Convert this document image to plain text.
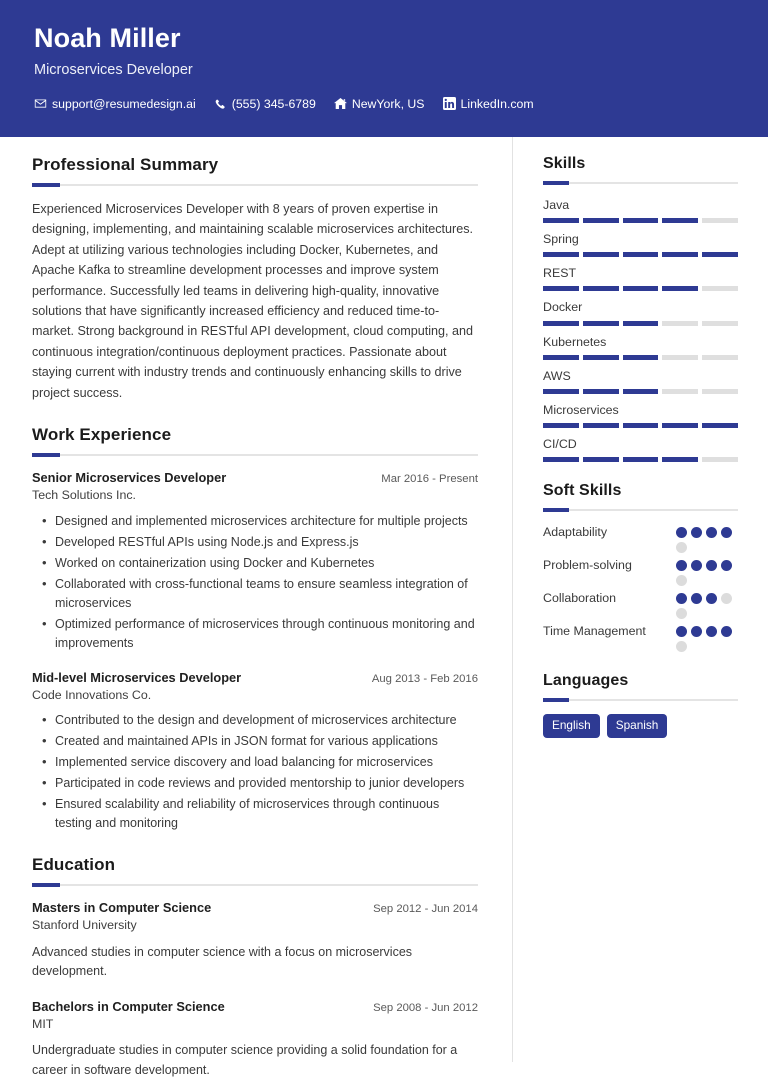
Noah Miller
Microservices Developer
support@resumedesign.ai	(555) 345-6789	NewYork, US	LinkedIn.com
Professional Summary
Experienced Microservices Developer with 8 years of proven expertise in designing, implementing, and maintaining scalable microservices architectures. Adept at utilizing various technologies including Docker, Kubernetes, and Apache Kafka to streamline development processes and improve system performance. Successfully led teams in delivering high-quality, innovative solutions that have significantly increased efficiency and reduced time-to-market. Strong background in RESTful API development, cloud computing, and continuous integration/continuous deployment practices. Passionate about staying current with industry trends and continuously enhancing skills to drive project success.
Work Experience
Senior Microservices Developer	Mar 2016 - Present
Tech Solutions Inc.
• Designed and implemented microservices architecture for multiple projects
• Developed RESTful APIs using Node.js and Express.js
• Worked on containerization using Docker and Kubernetes
• Collaborated with cross-functional teams to ensure seamless integration of microservices
• Optimized performance of microservices through continuous monitoring and improvements
Mid-level Microservices Developer	Aug 2013 - Feb 2016
Code Innovations Co.
• Contributed to the design and development of microservices architecture
• Created and maintained APIs in JSON format for various applications
• Implemented service discovery and load balancing for microservices
• Participated in code reviews and provided mentorship to junior developers
• Ensured scalability and reliability of microservices through continuous testing and monitoring
Education
Masters in Computer Science	Sep 2012 - Jun 2014
Stanford University
Advanced studies in computer science with a focus on microservices development.
Bachelors in Computer Science	Sep 2008 - Jun 2012
MIT
Undergraduate studies in computer science providing a solid foundation for a career in software development.
Skills
Java
Spring
REST
Docker
Kubernetes
AWS
Microservices
CI/CD
Soft Skills
Adaptability
Problem-solving
Collaboration
Time Management
Languages
English	Spanish
